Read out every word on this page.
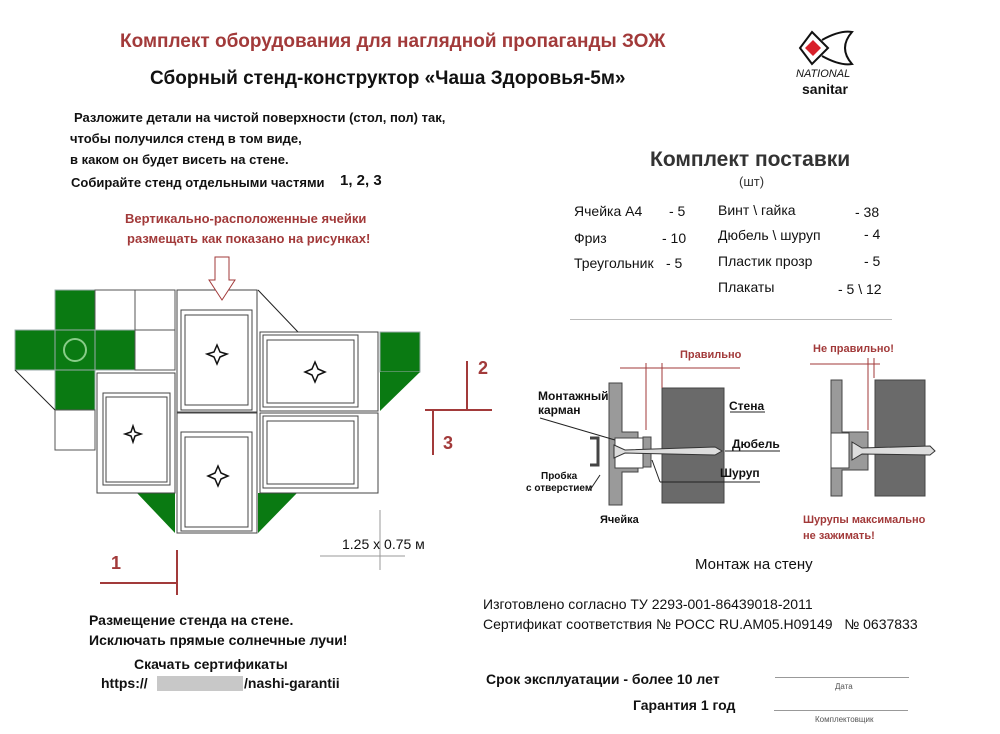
Комплект оборудования для наглядной пропаганды ЗОЖ
Сборный стенд-конструктор «Чаша Здоровья-5м»	NATIONAL
sanitar
Разложите детали на чистой поверхности (стол, пол) так,
чтобы получился стенд в том виде,
в каком он будет висеть на стене.
Собирайте стенд отдельными частями 1, 2, 3
Вертикально-расположенные ячейки
размещать как показано на рисунках!
2
3
1
1.25 x 0.75 м
Комплект поставки
(шт)
Ячейка А4 - 5
Фриз	- 10
Треугольник - 5
Винт \ гайка	- 38
Дюбель \ шуруп	- 4
Пластик прозр	- 5
Плакаты	- 5 \ 12
Правильно	Не правильно!
Монтажный
карман	Стена
Дюбель
Шуруп
Пробка
с отверстием
Ячейка	Шурупы максимально
не зажимать!
Монтаж на стену
Размещение стенда на стене.
Исключать прямые солнечные лучи!
Скачать сертификаты
https://	/nashi-garantii
Изготовлено согласно ТУ 2293-001-86439018-2011
Сертификат соответствия № РОСС RU.АМ05.Н09149   № 0637833
Срок эксплуатации - более 10 лет
Гарантия 1 год
Дата
Комплектовщик
